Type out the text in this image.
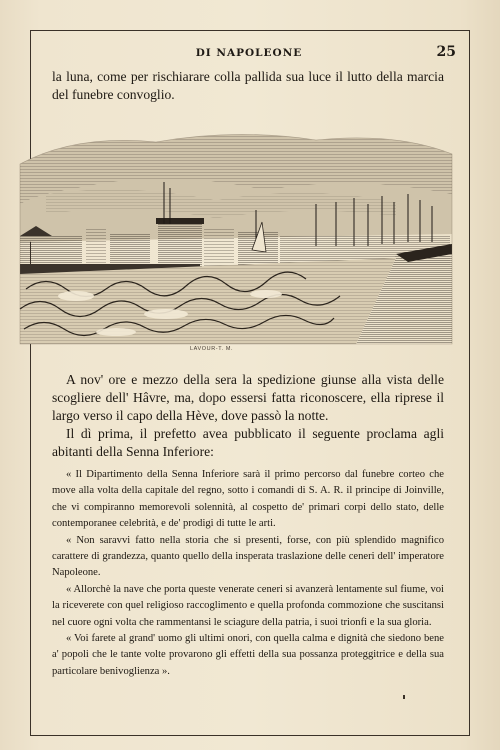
DI NAPOLEONE	25

la luna, come per rischiarare colla pallida sua luce il lutto della marcia del funebre convoglio.

LAVOUR-T. M.

A nov' ore e mezzo della sera la spedizione giunse alla vista delle scogliere dell' Hâvre, ma, dopo essersi fatta riconoscere, ella riprese il largo verso il capo della Hève, dove passò la notte.

Il dì prima, il prefetto avea pubblicato il seguente proclama agli abitanti della Senna Inferiore:

« Il Dipartimento della Senna Inferiore sarà il primo percorso dal funebre corteo che move alla volta della capitale del regno, sotto i comandi di S. A. R. il principe di Joinville, che vi compiranno memorevoli solennità, al cospetto de' primari corpi dello stato, delle contemporanee celebrità, e de' prodigi di tutte le arti.

« Non saravvi fatto nella storia che si presenti, forse, con più splendido magnifico carattere di grandezza, quanto quello della insperata traslazione delle ceneri dell' imperatore Napoleone.

« Allorchè la nave che porta queste venerate ceneri si avanzerà lentamente sul fiume, voi la riceverete con quel religioso raccoglimento e quella profonda commozione che suscitansi nel cuore ogni volta che rammentansi le sciagure della patria, i suoi trionfi e la sua gloria.

« Voi farete al grand' uomo gli ultimi onori, con quella calma e dignità che siedono bene a' popoli che le tante volte provarono gli effetti della sua possanza proteggitrice e della sua particolare benivoglienza ».
